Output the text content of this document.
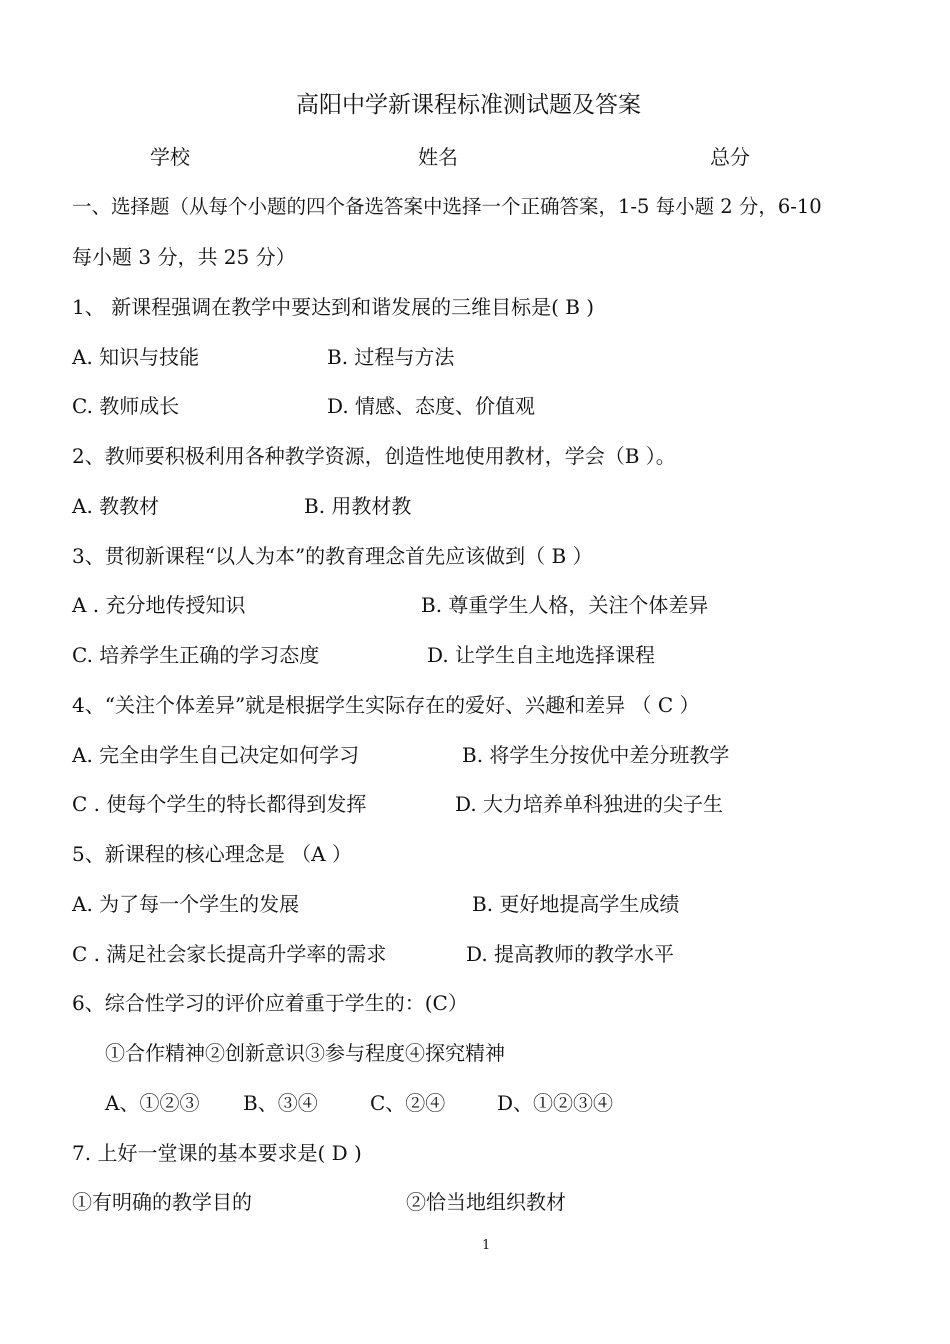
高阳中学新课程标准测试题及答案
学校	姓名	总分
一、选择题（从每个小题的四个备选答案中选择一个正确答案，1-5 每小题 2 分，6-10
每小题 3 分，共 25 分）
1、 新课程强调在教学中要达到和谐发展的三维目标是( B )
A. 知识与技能	B. 过程与方法
C. 教师成长	D. 情感、态度、价值观
2、教师要积极利用各种教学资源，创造性地使用教材，学会（B ）。
A. 教教材	B. 用教材教
3、贯彻新课程“以人为本”的教育理念首先应该做到（ B ）
A . 充分地传授知识	B. 尊重学生人格，关注个体差异
C. 培养学生正确的学习态度	D. 让学生自主地选择课程
4、“关注个体差异”就是根据学生实际存在的爱好、兴趣和差异 （ C ）
A. 完全由学生自己决定如何学习	B. 将学生分按优中差分班教学
C . 使每个学生的特长都得到发挥	D. 大力培养单科独进的尖子生
5、新课程的核心理念是 （A ）
A. 为了每一个学生的发展	B. 更好地提高学生成绩
C . 满足社会家长提高升学率的需求	D. 提高教师的教学水平
6、综合性学习的评价应着重于学生的：(C）
①合作精神②创新意识③参与程度④探究精神
A、①②③ B、③④	C、②④	D、①②③④
7. 上好一堂课的基本要求是( D )
①有明确的教学目的	②恰当地组织教材
1
